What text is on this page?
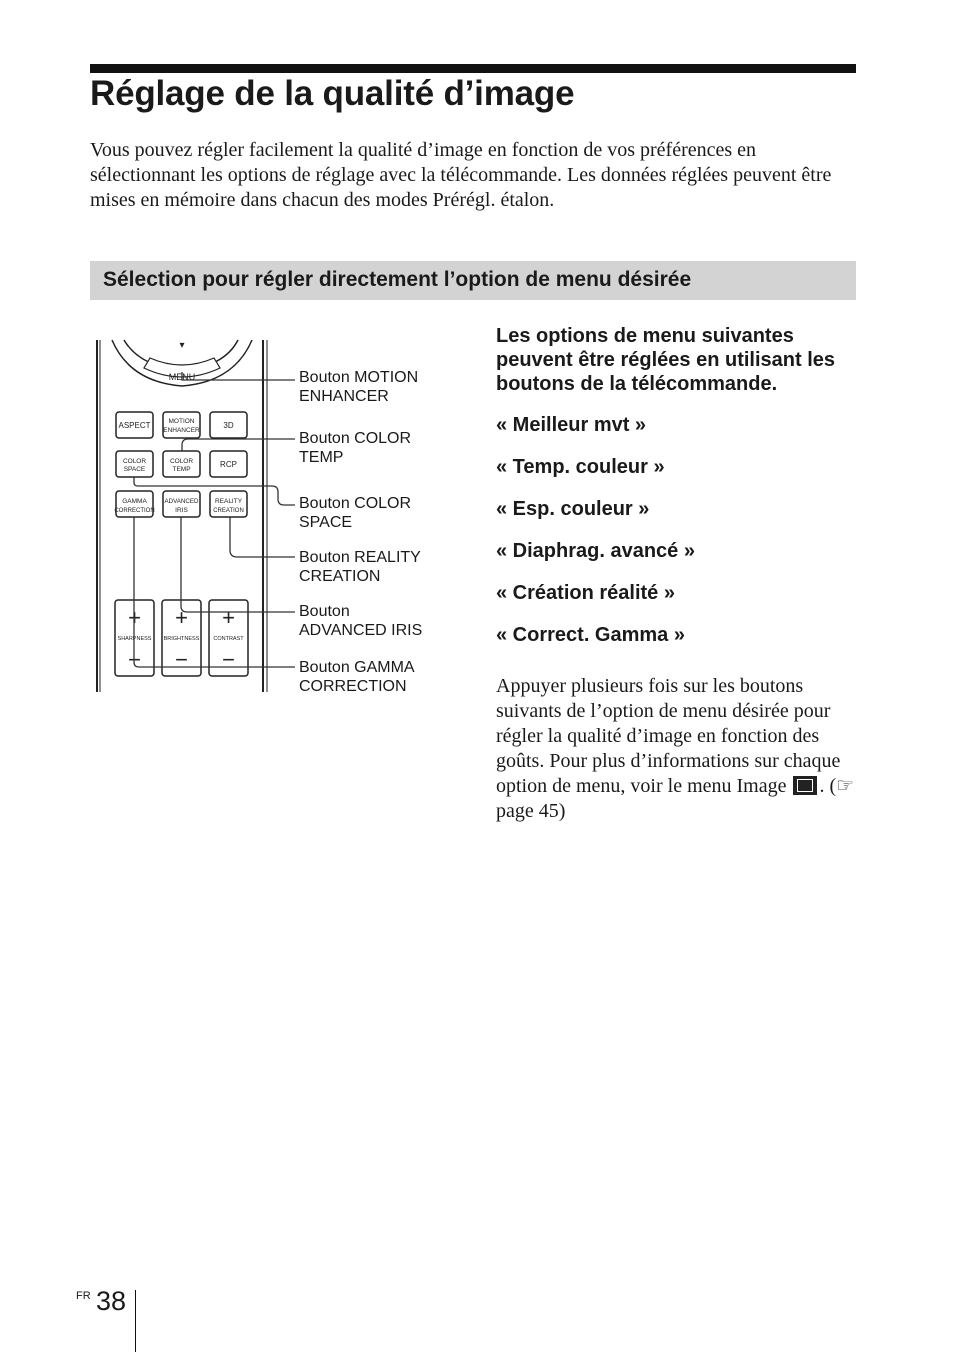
Réglage de la qualité d’image
Vous pouvez régler facilement la qualité d’image en fonction de vos préférences en sélectionnant les options de réglage avec la télécommande. Les données réglées peuvent être mises en mémoire dans chacun des modes Prérégl. étalon.
Sélection pour régler directement l’option de menu désirée
MENU
▾
ASPECT	MOTION
ENHANCER
3D
COLOR
SPACE
COLOR
TEMP
RCP
GAMMA
CORRECTION
ADVANCED
IRIS
REALITY
CREATION
+
SHARPNESS
−
+
BRIGHTNESS
−
+
CONTRAST
−
Bouton MOTION
ENHANCER
Bouton COLOR
TEMP
Bouton COLOR
SPACE
Bouton REALITY
CREATION
Bouton
ADVANCED IRIS
Bouton GAMMA
CORRECTION
Les options de menu suivantes peuvent être réglées en utilisant les boutons de la télécommande.
« Meilleur mvt »
« Temp. couleur »
« Esp. couleur »
« Diaphrag. avancé »
« Création réalité »
« Correct. Gamma »
Appuyer plusieurs fois sur les boutons suivants de l’option de menu désirée pour régler la qualité d’image en fonction des goûts. Pour plus d’informations sur chaque option de menu, voir le menu Image . (☞ page 45)
FR 38
